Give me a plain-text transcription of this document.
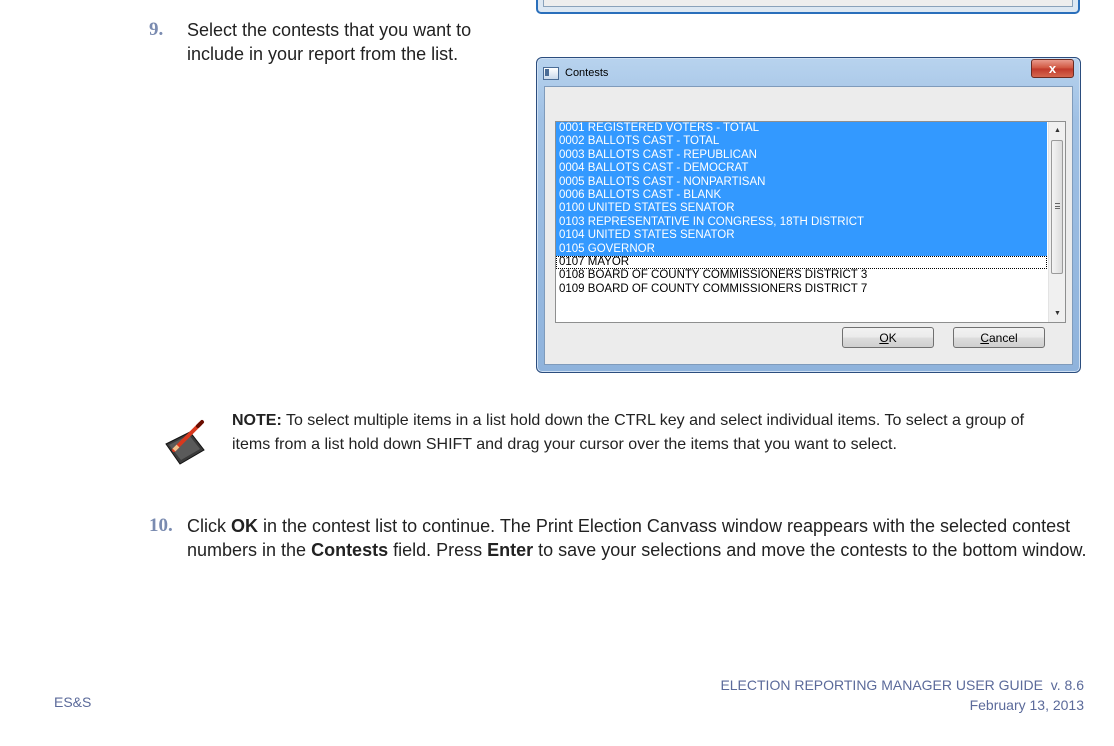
9. Select the contests that you want to include in your report from the list.
Contests	x
0001 REGISTERED VOTERS - TOTAL
0002 BALLOTS CAST - TOTAL
0003 BALLOTS CAST - REPUBLICAN
0004 BALLOTS CAST - DEMOCRAT
0005 BALLOTS CAST - NONPARTISAN
0006 BALLOTS CAST - BLANK
0100 UNITED STATES SENATOR
0103 REPRESENTATIVE IN CONGRESS, 18TH DISTRICT
0104 UNITED STATES SENATOR
0105 GOVERNOR
0107 MAYOR
0108 BOARD OF COUNTY COMMISSIONERS DISTRICT 3
0109 BOARD OF COUNTY COMMISSIONERS DISTRICT 7
▲
▼
O K	C ancel
NOTE: To select multiple items in a list hold down the CTRL key and select individual items. To select a group of items from a list hold down SHIFT and drag your cursor over the items that you want to select.
10. Click OK in the contest list to continue. The Print Election Canvass window reappears with the selected contest numbers in the Contests field. Press Enter to save your selections and move the contests to the bottom window.
ELECTION REPORTING MANAGER USER GUIDE  v. 8.6
February 13, 2013
ES&S
